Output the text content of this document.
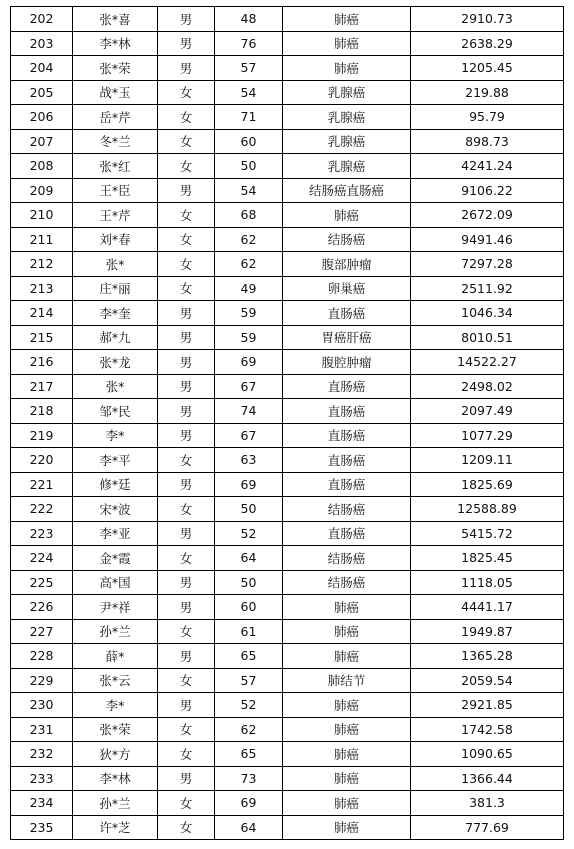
202	张*喜	男	48	肺癌	2910.73
203	李*林	男	76	肺癌	2638.29
204	张*荣	男	57	肺癌	1205.45
205	战*玉	女	54	乳腺癌	219.88
206	岳*芹	女	71	乳腺癌	95.79
207	冬*兰	女	60	乳腺癌	898.73
208	张*红	女	50	乳腺癌	4241.24
209	王*臣	男	54	结肠癌直肠癌	9106.22
210	王*芹	女	68	肺癌	2672.09
211	刘*春	女	62	结肠癌	9491.46
212	张*	女	62	腹部肿瘤	7297.28
213	庄*丽	女	49	卵巢癌	2511.92
214	李*奎	男	59	直肠癌	1046.34
215	郝*九	男	59	胃癌肝癌	8010.51
216	张*龙	男	69	腹腔肿瘤	14522.27
217	张*	男	67	直肠癌	2498.02
218	邹*民	男	74	直肠癌	2097.49
219	李*	男	67	直肠癌	1077.29
220	李*平	女	63	直肠癌	1209.11
221	修*廷	男	69	直肠癌	1825.69
222	宋*波	女	50	结肠癌	12588.89
223	李*亚	男	52	直肠癌	5415.72
224	金*霞	女	64	结肠癌	1825.45
225	高*国	男	50	结肠癌	1118.05
226	尹*祥	男	60	肺癌	4441.17
227	孙*兰	女	61	肺癌	1949.87
228	薛*	男	65	肺癌	1365.28
229	张*云	女	57	肺结节	2059.54
230	李*	男	52	肺癌	2921.85
231	张*荣	女	62	肺癌	1742.58
232	狄*方	女	65	肺癌	1090.65
233	李*林	男	73	肺癌	1366.44
234	孙*兰	女	69	肺癌	381.3
235	许*芝	女	64	肺癌	777.69
